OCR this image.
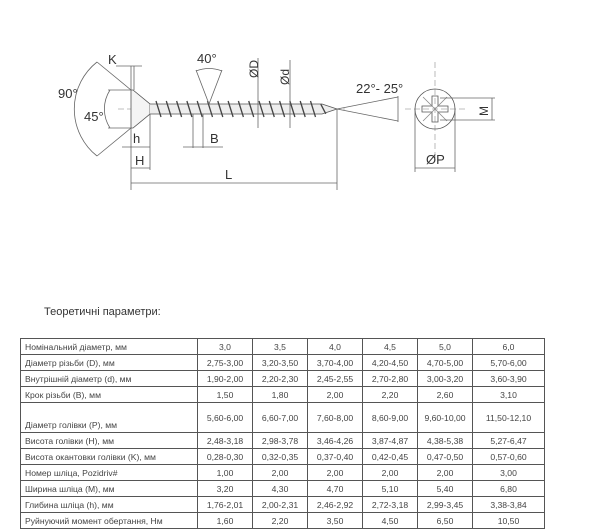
K
90°
45°
40°
ØD Ød
h	B
H
L
22°- 25°
M
ØP
Теоретичні параметри:
Номінальний діаметр, мм	3,0	3,5	4,0	4,5	5,0	6,0
Діаметр різьби (D), мм	2,75-3,00	3,20-3,50	3,70-4,00	4,20-4,50	4,70-5,00	5,70-6,00
Внутрішній діаметр (d), мм	1,90-2,00	2,20-2,30	2,45-2,55	2,70-2,80	3,00-3,20	3,60-3,90
Крок різьби (B), мм	1,50	1,80	2,00	2,20	2,60	3,10
Діаметр голівки (P), мм	5,60-6,00	6,60-7,00	7,60-8,00	8,60-9,00	9,60-10,00	11,50-12,10
Висота голівки (H), мм	2,48-3,18	2,98-3,78	3,46-4,26	3,87-4,87	4,38-5,38	5,27-6,47
Висота окантовки голівки (K), мм	0,28-0,30	0,32-0,35	0,37-0,40	0,42-0,45	0,47-0,50	0,57-0,60
Номер шліца, Pozidriv#	1,00	2,00	2,00	2,00	2,00	3,00
Ширина шліца (M), мм	3,20	4,30	4,70	5,10	5,40	6,80
Глибина шліца (h), мм	1,76-2,01	2,00-2,31	2,46-2,92	2,72-3,18	2,99-3,45	3,38-3,84
Руйнуючий момент обертання, Нм	1,60	2,20	3,50	4,50	6,50	10,50
